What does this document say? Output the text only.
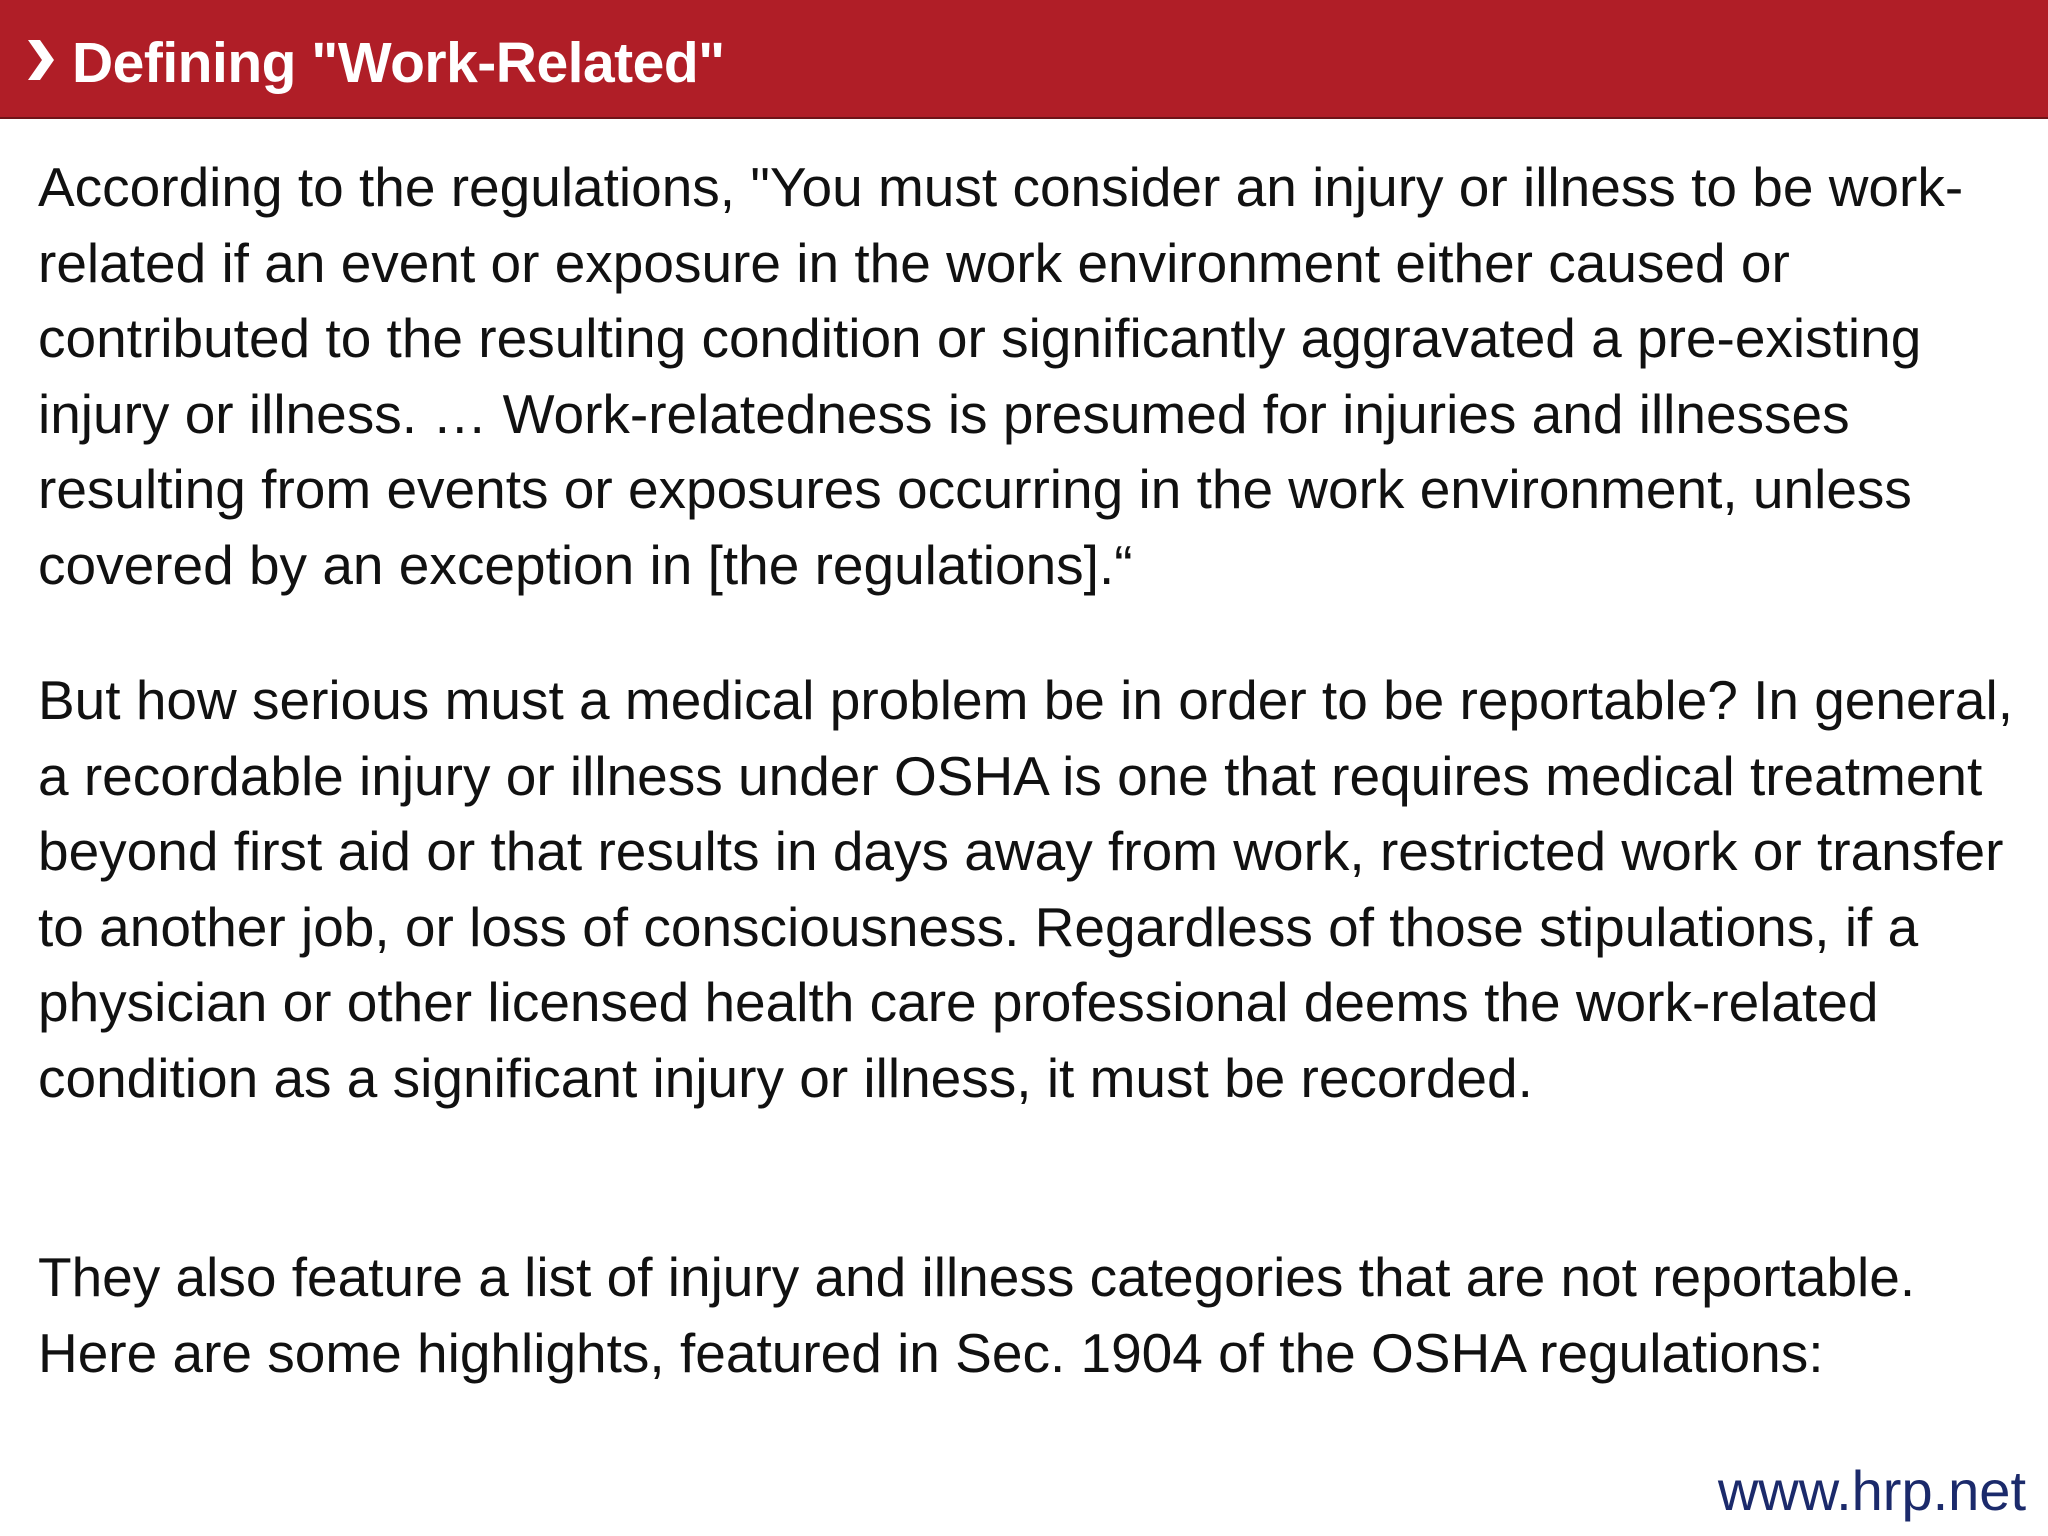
Defining "Work-Related"

According to the regulations, "You must consider an injury or illness to be work-related if an event or exposure in the work environment either caused or contributed to the resulting condition or significantly aggravated a pre-existing injury or illness. … Work-relatedness is presumed for injuries and illnesses resulting from events or exposures occurring in the work environment, unless covered by an exception in [the regulations].“

But how serious must a medical problem be in order to be reportable? In general, a recordable injury or illness under OSHA is one that requires medical treatment beyond first aid or that results in days away from work, restricted work or transfer to another job, or loss of consciousness. Regardless of those stipulations, if a physician or other licensed health care professional deems the work-related condition as a significant injury or illness, it must be recorded.

They also feature a list of injury and illness categories that are not reportable. Here are some highlights, featured in Sec. 1904 of the OSHA regulations:

www.hrp.net
